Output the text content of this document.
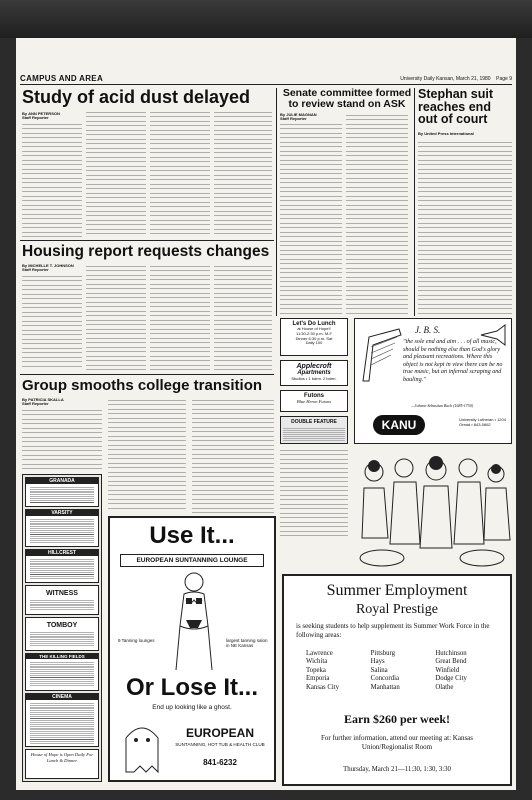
CAMPUS AND AREA	University Daily Kansan, March 21, 1980 Page 9
Study of acid dust delayed
By ANN PETERSON
Staff Reporter
Senate committee formed to review stand on ASK
By JULIE MAGNAN
Staff Reporter
Stephan suit reaches end out of court
By United Press International
Housing report requests changes
By MICHELLE T. JOHNSON
Staff Reporter
Let's Do Lunch
at House of Hope!!
11:30-2:30 p.m. M-F
Dinner 6:30 p.m. Sat
Daily 100
Applecroft
Apartments
Studios • 1 bdrm. 2 bdrm.
Futons
Blue Heron Futons
DOUBLE FEATURE
J. B. S.
"the sole end and aim . . . of all music, should be nothing else than God's glory and pleasant recreations. Where this object is not kept in view there can be no true music, but an infernal scraping and bauling."
—Johann Sebastian Bach (1685-1750)
KANU	University Lutheran • 1204 Oread • 843-0662
Group smooths college transition
By PATRICIA SKALLA
Staff Reporter
GRANADA
VARSITY
HILLCREST
WITNESS
TOMBOY
THE KILLING FIELDS
CINEMA
House of Hope is Open Daily For Lunch & Dinner
Use It...
EUROPEAN SUNTANNING LOUNGE
9 Tanning lounges	largest tanning salon in NE Kansas
Or Lose It...
End up looking like a ghost.
EUROPEAN
SUNTANNING, HOT TUB & HEALTH CLUB
841-6232
Summer Employment
Royal Prestige
is seeking students to help supplement its Summer Work Force in the following areas:
Lawrence	Pittsburg	Hutchinson
Wichita	Hays	Great Bend
Topeka	Salina	Winfield
Emporia	Concordia	Dodge City
Kansas City	Manhattan	Olathe
Earn $260 per week!
For further information, attend our meeting at: Kansas Union/Regionalist Room
Thursday, March 21—11:30, 1:30, 3:30
